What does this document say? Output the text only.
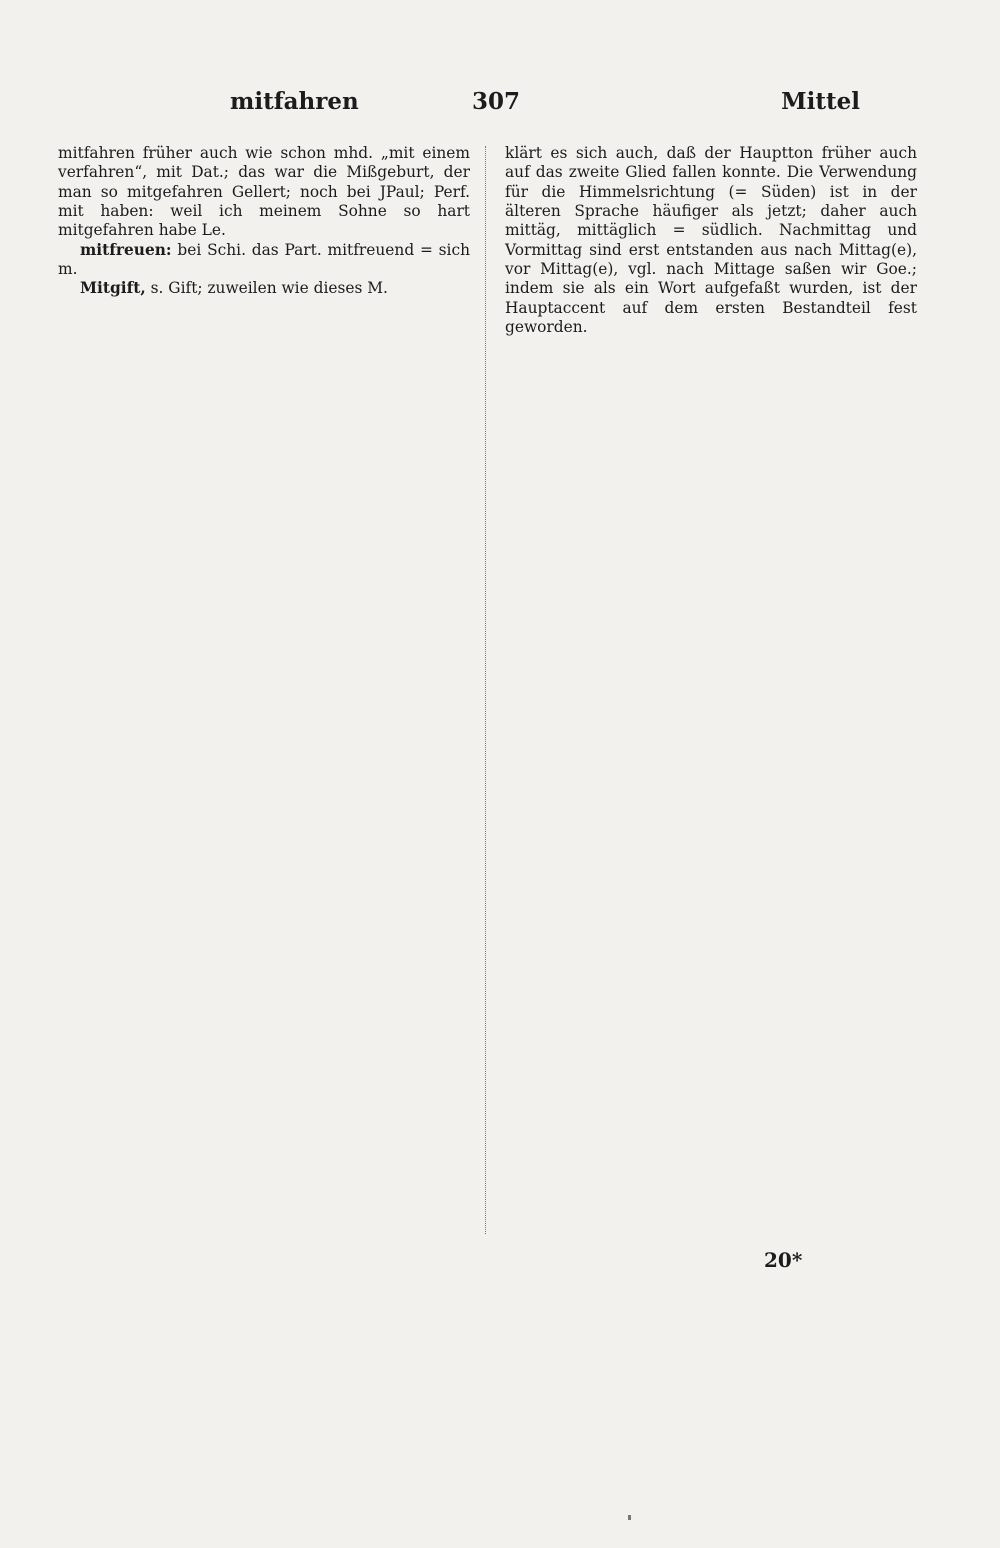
mitfahren	307	Mittel

mitfahren früher auch wie schon mhd. „mit einem verfahren“, mit Dat.; das war die Mißgeburt, der man so mitgefahren Gellert; noch bei JPaul; Perf. mit haben: weil ich meinem Sohne so hart mitgefahren habe Le.

mitfreuen: bei Schi. das Part. mitfreuend = sich m.

Mitgift, s. Gift; zuweilen wie dieses M.

klärt es sich auch, daß der Hauptton früher auch auf das zweite Glied fallen konnte. Die Verwendung für die Himmelsrichtung (= Süden) ist in der älteren Sprache häufiger als jetzt; daher auch mittäg, mittäglich = südlich. Nachmittag und Vormittag sind erst entstanden aus nach Mittag(e), vor Mittag(e), vgl. nach Mittage saßen wir Goe.; indem sie als ein Wort aufgefaßt wurden, ist der Hauptaccent auf dem ersten Bestandteil fest geworden.

20*
